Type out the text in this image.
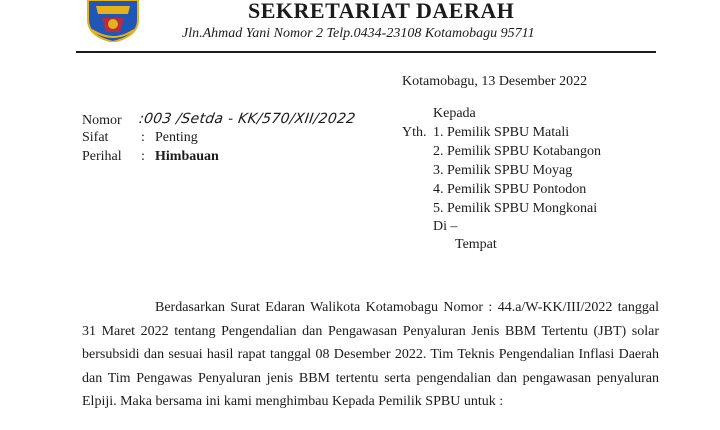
SEKRETARIAT DAERAH
Jln.Ahmad Yani Nomor 2 Telp.0434-23108 Kotamobagu 95711
Kotamobagu, 13 Desember 2022
Nomor :003 /Setda - KK/570/XII/2022
Sifat : Penting
Perihal : Himbauan
Kepada
Yth. 1. Pemilik SPBU Matali
2. Pemilik SPBU Kotabangon
3. Pemilik SPBU Moyag
4. Pemilik SPBU Pontodon
5. Pemilik SPBU Mongkonai
Di –
Tempat

Berdasarkan Surat Edaran Walikota Kotamobagu Nomor : 44.a/W-KK/III/2022 tanggal 31 Maret 2022 tentang Pengendalian dan Pengawasan Penyaluran Jenis BBM Tertentu (JBT) solar bersubsidi dan sesuai hasil rapat tanggal 08 Desember 2022. Tim Teknis Pengendalian Inflasi Daerah dan Tim Pengawas Penyaluran jenis BBM tertentu serta pengendalian dan pengawasan penyaluran Elpiji. Maka bersama ini kami menghimbau Kepada Pemilik SPBU untuk :
